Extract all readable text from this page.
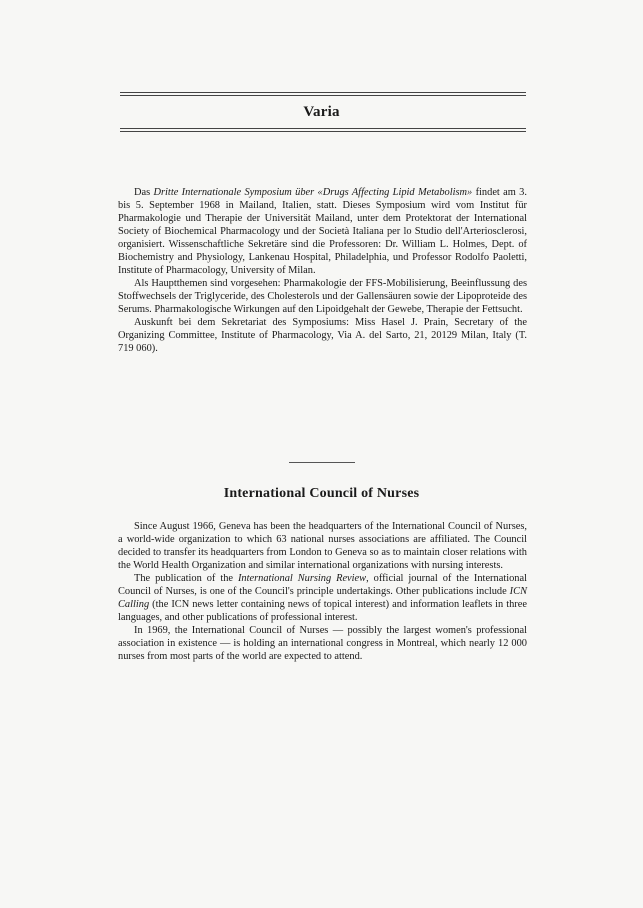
Varia

Das Dritte Internationale Symposium über «Drugs Affecting Lipid Metabolism» findet am 3. bis 5. September 1968 in Mailand, Italien, statt. Dieses Symposium wird vom Institut für Pharmakologie und Therapie der Universität Mailand, unter dem Protektorat der International Society of Biochemical Pharmacology und der Società Italiana per lo Studio dell'Arteriosclerosi, organisiert. Wissenschaftliche Sekretäre sind die Professoren: Dr. William L. Holmes, Dept. of Biochemistry and Physiology, Lankenau Hospital, Philadelphia, und Professor Rodolfo Paoletti, Institute of Pharmacology, University of Milan.

Als Hauptthemen sind vorgesehen: Pharmakologie der FFS-Mobilisierung, Beeinflussung des Stoffwechsels der Triglyceride, des Cholesterols und der Gallensäuren sowie der Lipoproteide des Serums. Pharmakologische Wirkungen auf den Lipoidgehalt der Gewebe, Therapie der Fettsucht.

Auskunft bei dem Sekretariat des Symposiums: Miss Hasel J. Prain, Secretary of the Organizing Committee, Institute of Pharmacology, Via A. del Sarto, 21, 20129 Milan, Italy (T. 719 060).

International Council of Nurses

Since August 1966, Geneva has been the headquarters of the International Council of Nurses, a world-wide organization to which 63 national nurses associations are affiliated. The Council decided to transfer its headquarters from London to Geneva so as to maintain closer relations with the World Health Organization and similar international organizations with nursing interests.

The publication of the International Nursing Review, official journal of the International Council of Nurses, is one of the Council's principle undertakings. Other publications include ICN Calling (the ICN news letter containing news of topical interest) and information leaflets in three languages, and other publications of professional interest.

In 1969, the International Council of Nurses — possibly the largest women's professional association in existence — is holding an international congress in Montreal, which nearly 12 000 nurses from most parts of the world are expected to attend.
